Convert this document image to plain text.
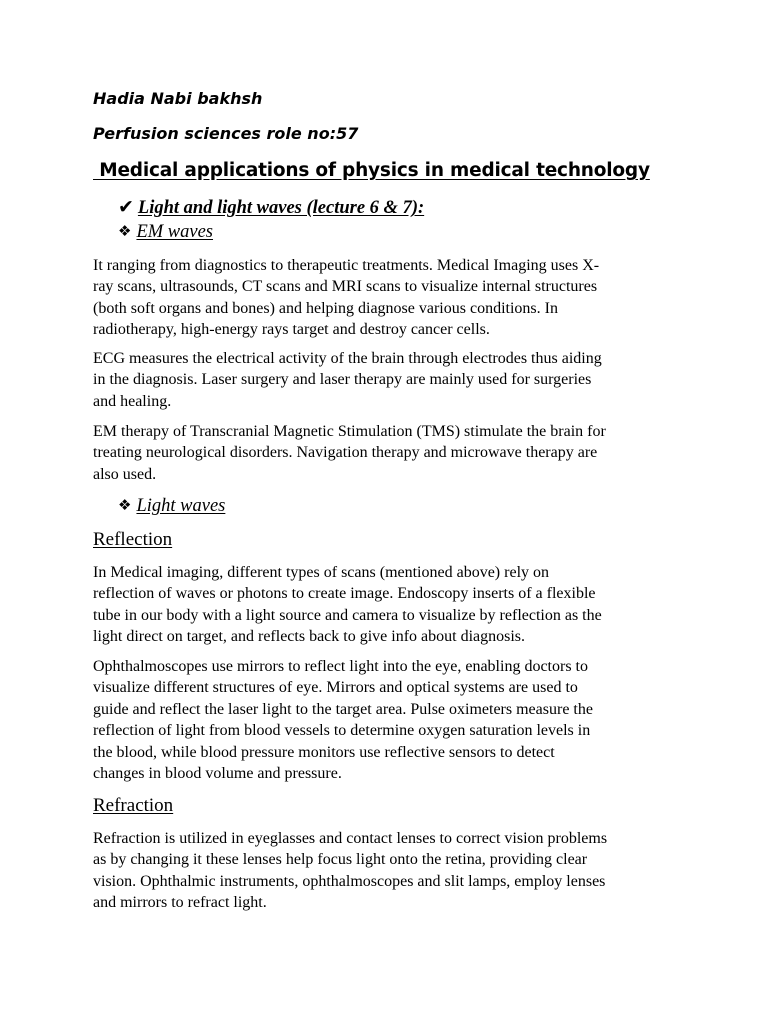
Hadia Nabi bakhsh
Perfusion sciences role no:57
Medical applications of physics in medical technology
✔ Light and light waves (lecture 6 & 7):
❖ EM waves

It ranging from diagnostics to therapeutic treatments. Medical Imaging uses X-
ray scans, ultrasounds, CT scans and MRI scans to visualize internal structures
(both soft organs and bones) and helping diagnose various conditions. In
radiotherapy, high-energy rays target and destroy cancer cells.

ECG measures the electrical activity of the brain through electrodes thus aiding
in the diagnosis. Laser surgery and laser therapy are mainly used for surgeries
and healing.

EM therapy of Transcranial Magnetic Stimulation (TMS) stimulate the brain for
treating neurological disorders. Navigation therapy and microwave therapy are
also used.

❖ Light waves
Reflection

In Medical imaging, different types of scans (mentioned above) rely on
reflection of waves or photons to create image. Endoscopy inserts of a flexible
tube in our body with a light source and camera to visualize by reflection as the
light direct on target, and reflects back to give info about diagnosis.

Ophthalmoscopes use mirrors to reflect light into the eye, enabling doctors to
visualize different structures of eye. Mirrors and optical systems are used to
guide and reflect the laser light to the target area. Pulse oximeters measure the
reflection of light from blood vessels to determine oxygen saturation levels in
the blood, while blood pressure monitors use reflective sensors to detect
changes in blood volume and pressure.

Refraction

Refraction is utilized in eyeglasses and contact lenses to correct vision problems
as by changing it these lenses help focus light onto the retina, providing clear
vision. Ophthalmic instruments, ophthalmoscopes and slit lamps, employ lenses
and mirrors to refract light.
